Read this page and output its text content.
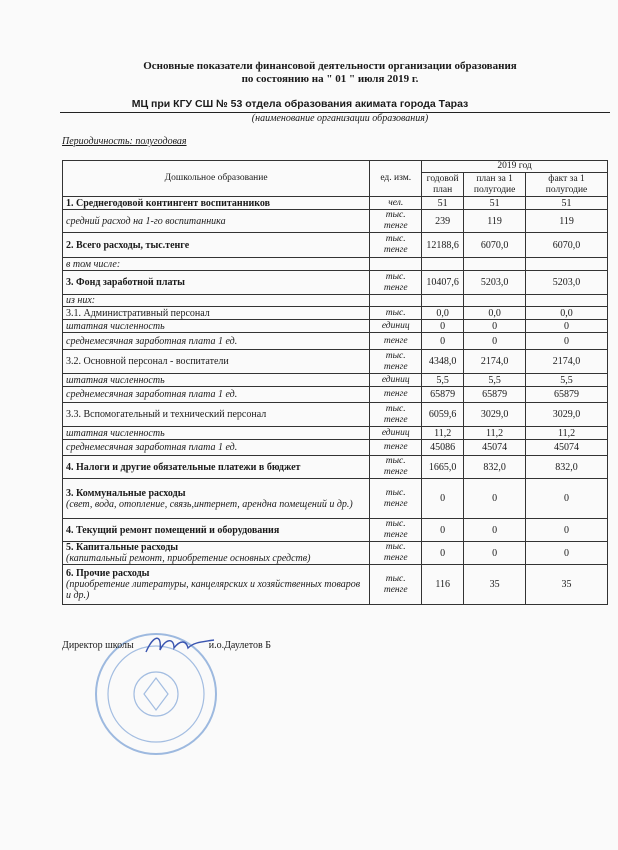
Основные показатели финансовой деятельности организации образования
по состоянию на " 01 " июля 2019 г.
МЦ при КГУ СШ № 53 отдела образования акимата города Тараз
(наименование организации образования)
Периодичность: полугодовая
Дошкольное образование	ед. изм.	2019 год		
		годовой план	план за 1 полугодие	факт за 1 полугодие
1. Среднегодовой контингент воспитанников	чел.	51	51	51
средний расход на 1-го воспитанника	тыс. тенге	239	119	119
2. Всего расходы, тыс.тенге	тыс. тенге	12188,6	6070,0	6070,0
в том числе:				
3. Фонд заработной платы	тыс. тенге	10407,6	5203,0	5203,0
из них:				
3.1. Административный персонал	тыс.	0,0	0,0	0,0
штатная численность	единиц	0	0	0
среднемесячная заработная плата 1 ед.	тенге	0	0	0
3.2. Основной персонал - воспитатели	тыс. тенге	4348,0	2174,0	2174,0
штатная численность	единиц	5,5	5,5	5,5
среднемесячная заработная плата 1 ед.	тенге	65879	65879	65879
3.3. Вспомогательный и технический персонал	тыс. тенге	6059,6	3029,0	3029,0
штатная численность	единиц	11,2	11,2	11,2
среднемесячная заработная плата 1 ед.	тенге	45086	45074	45074
4. Налоги и другие обязательные платежи в бюджет	тыс. тенге	1665,0	832,0	832,0
3. Коммунальные расходы
(свет, вода, отопление, связь,интернет, арендна помещений и др.)	тыс. тенге	0	0	0
4. Текущий ремонт помещений и оборудования	тыс. тенге	0	0	0
5. Капитальные расходы
(капитальный ремонт, приобретение основных средств)	тыс. тенге	0	0	0
6. Прочие расходы
(приобретение литературы, канцелярских и хозяйственных товаров и др.)	тыс. тенге	116	35	35
Директор школы	и.о.Даулетов Б
